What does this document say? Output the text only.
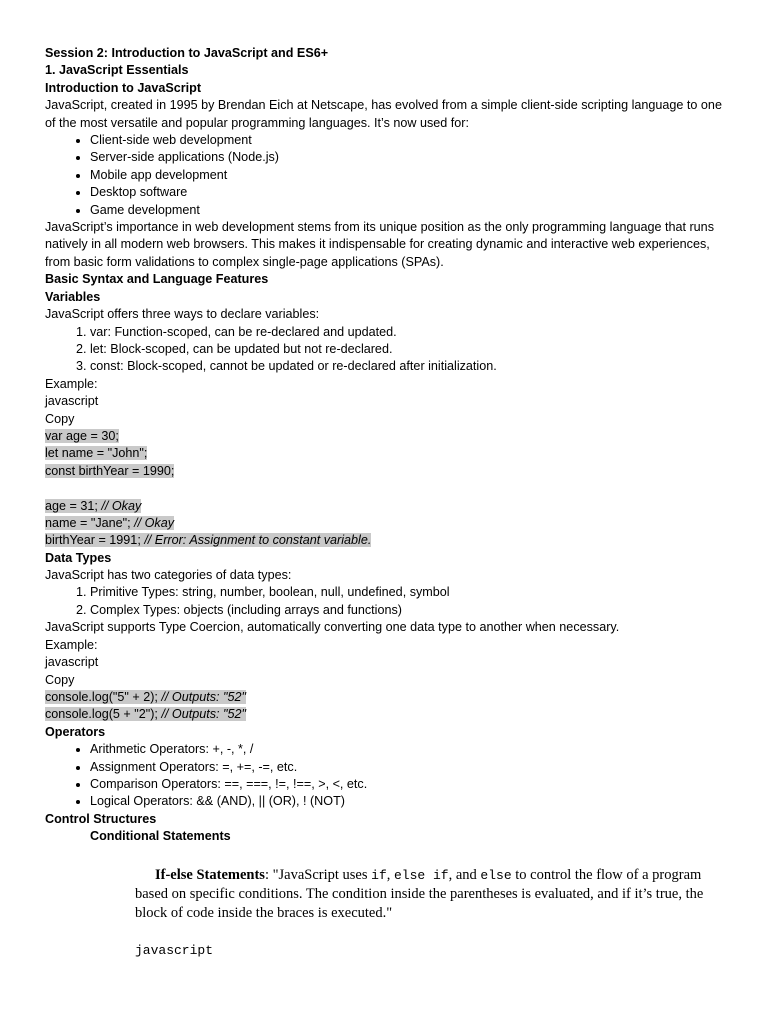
Session 2: Introduction to JavaScript and ES6+
1. JavaScript Essentials
Introduction to JavaScript
JavaScript, created in 1995 by Brendan Eich at Netscape, has evolved from a simple client-side scripting language to one of the most versatile and popular programming languages. It’s now used for:
• Client-side web development
• Server-side applications (Node.js)
• Mobile app development
• Desktop software
• Game development
JavaScript’s importance in web development stems from its unique position as the only programming language that runs natively in all modern web browsers. This makes it indispensable for creating dynamic and interactive web experiences, from basic form validations to complex single-page applications (SPAs).
Basic Syntax and Language Features
Variables
JavaScript offers three ways to declare variables:
1. var: Function-scoped, can be re-declared and updated.
2. let: Block-scoped, can be updated but not re-declared.
3. const: Block-scoped, cannot be updated or re-declared after initialization.
Example:
javascript
Copy
var age = 30;
let name = "John";
const birthYear = 1990;
age = 31; // Okay
name = "Jane"; // Okay
birthYear = 1991; // Error: Assignment to constant variable.
Data Types
JavaScript has two categories of data types:
1. Primitive Types: string, number, boolean, null, undefined, symbol
2. Complex Types: objects (including arrays and functions)
JavaScript supports Type Coercion, automatically converting one data type to another when necessary.
Example:
javascript
Copy
console.log("5" + 2); // Outputs: "52"
console.log(5 + "2"); // Outputs: "52"
Operators
• Arithmetic Operators: +, -, *, /
• Assignment Operators: =, +=, -=, etc.
• Comparison Operators: ==, ===, !=, !==, >, <, etc.
• Logical Operators: && (AND), || (OR), ! (NOT)
Control Structures
Conditional Statements
If-else Statements: "JavaScript uses if, else if, and else to control the flow of a program based on specific conditions. The condition inside the parentheses is evaluated, and if it’s true, the block of code inside the braces is executed."
javascript
